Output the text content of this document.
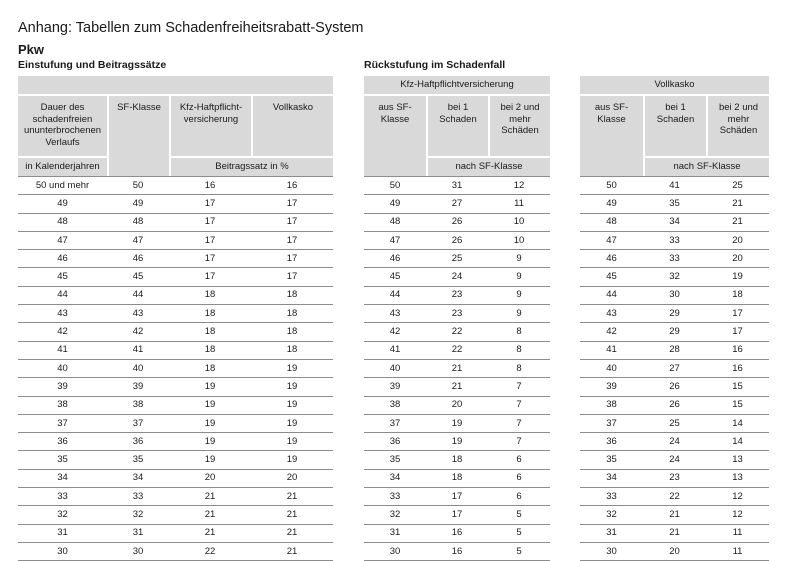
Anhang: Tabellen zum Schadenfreiheitsrabatt-System
Pkw
Einstufung und Beitragssätze	Rückstufung im Schadenfall

Dauer des schadenfreien ununterbrochenen Verlaufs	SF-Klasse	Kfz-Haftpflicht-versicherung	Vollkasko
in Kalenderjahren		Beitragssatz in %	
50 und mehr	50	16	16
49	49	17	17
48	48	17	17
47	47	17	17
46	46	17	17
45	45	17	17
44	44	18	18
43	43	18	18
42	42	18	18
41	41	18	18
40	40	18	19
39	39	19	19
38	38	19	19
37	37	19	19
36	36	19	19
35	35	19	19
34	34	20	20
33	33	21	21
32	32	21	21
31	31	21	21
30	30	22	21
Kfz-Haftpflichtversicherung		
aus SF-Klasse	bei 1 Schaden	bei 2 und mehr Schäden
	nach SF-Klasse	
50	31	12
49	27	11
48	26	10
47	26	10
46	25	9
45	24	9
44	23	9
43	23	9
42	22	8
41	22	8
40	21	8
39	21	7
38	20	7
37	19	7
36	19	7
35	18	6
34	18	6
33	17	6
32	17	5
31	16	5
30	16	5
Vollkasko		
aus SF-Klasse	bei 1 Schaden	bei 2 und mehr Schäden
	nach SF-Klasse	
50	41	25
49	35	21
48	34	21
47	33	20
46	33	20
45	32	19
44	30	18
43	29	17
42	29	17
41	28	16
40	27	16
39	26	15
38	26	15
37	25	14
36	24	14
35	24	13
34	23	13
33	22	12
32	21	12
31	21	11
30	20	11
